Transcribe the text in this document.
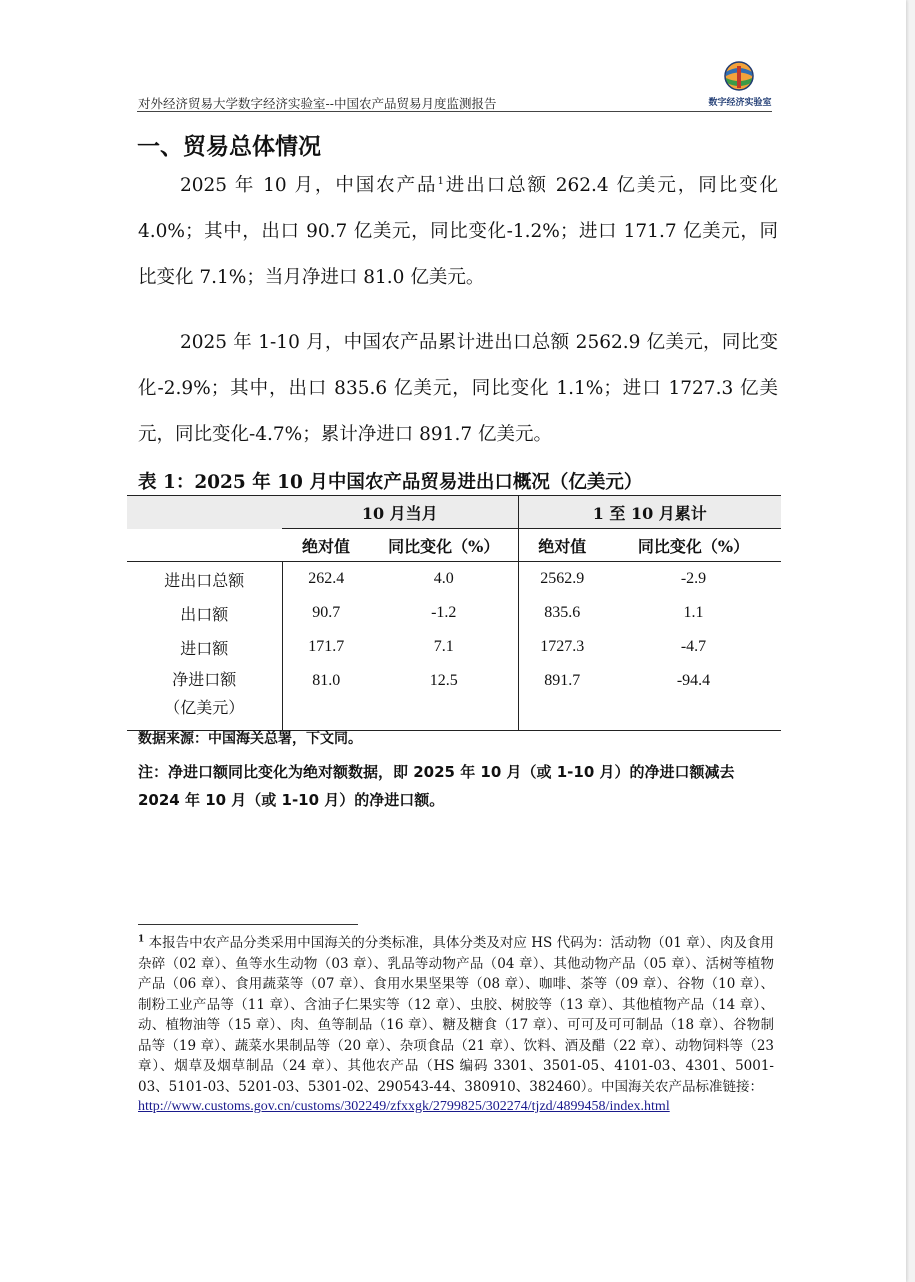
数字经济实验室
对外经济贸易大学数字经济实验室--中国农产品贸易月度监测报告
一、贸易总体情况

2025 年 10 月，中国农产品$^1$进出口总额 262.4 亿美元，同比变化 4.0%；其中，出口 90.7 亿美元，同比变化-1.2%；进口 171.7 亿美元，同比变化 7.1%；当月净进口 81.0 亿美元。

2025 年 1-10 月，中国农产品累计进出口总额 2562.9 亿美元，同比变化-2.9%；其中，出口 835.6 亿美元，同比变化 1.1%；进口 1727.3 亿美元，同比变化-4.7%；累计净进口 891.7 亿美元。

表 1：2025 年 10 月中国农产品贸易进出口概况（亿美元）
	10 月当月		1 至 10 月累计	
	绝对值	同比变化（%）	绝对值	同比变化（%）
进出口总额	262.4	4.0	2562.9	-2.9
出口额	90.7	-1.2	835.6	1.1
进口额	171.7	7.1	1727.3	-4.7
净进口额
（亿美元）	81.0	12.5	891.7	-94.4
数据来源：中国海关总署，下文同。
注：净进口额同比变化为绝对额数据，即 2025 年 10 月（或 1-10 月）的净进口额减去 2024 年 10 月（或 1-10 月）的净进口额。

$^1$ 本报告中农产品分类采用中国海关的分类标准，具体分类及对应 HS 代码为：活动物（01 章）、肉及食用杂碎（02 章）、鱼等水生动物（03 章）、乳品等动物产品（04 章）、其他动物产品（05 章）、活树等植物产品（06 章）、食用蔬菜等（07 章）、食用水果坚果等（08 章）、咖啡、茶等（09 章）、谷物（10 章）、制粉工业产品等（11 章）、含油子仁果实等（12 章）、虫胶、树胶等（13 章）、其他植物产品（14 章）、动、植物油等（15 章）、肉、鱼等制品（16 章）、糖及糖食（17 章）、可可及可可制品（18 章）、谷物制品等（19 章）、蔬菜水果制品等（20 章）、杂项食品（21 章）、饮料、酒及醋（22 章）、动物饲料等（23 章）、烟草及烟草制品（24 章）、其他农产品（HS 编码 3301、3501-05、4101-03、4301、5001-03、5101-03、5201-03、5301-02、290543-44、380910、382460）。中国海关农产品标准链接：
http://www.customs.gov.cn/customs/302249/zfxxgk/2799825/302274/tjzd/4899458/index.html
